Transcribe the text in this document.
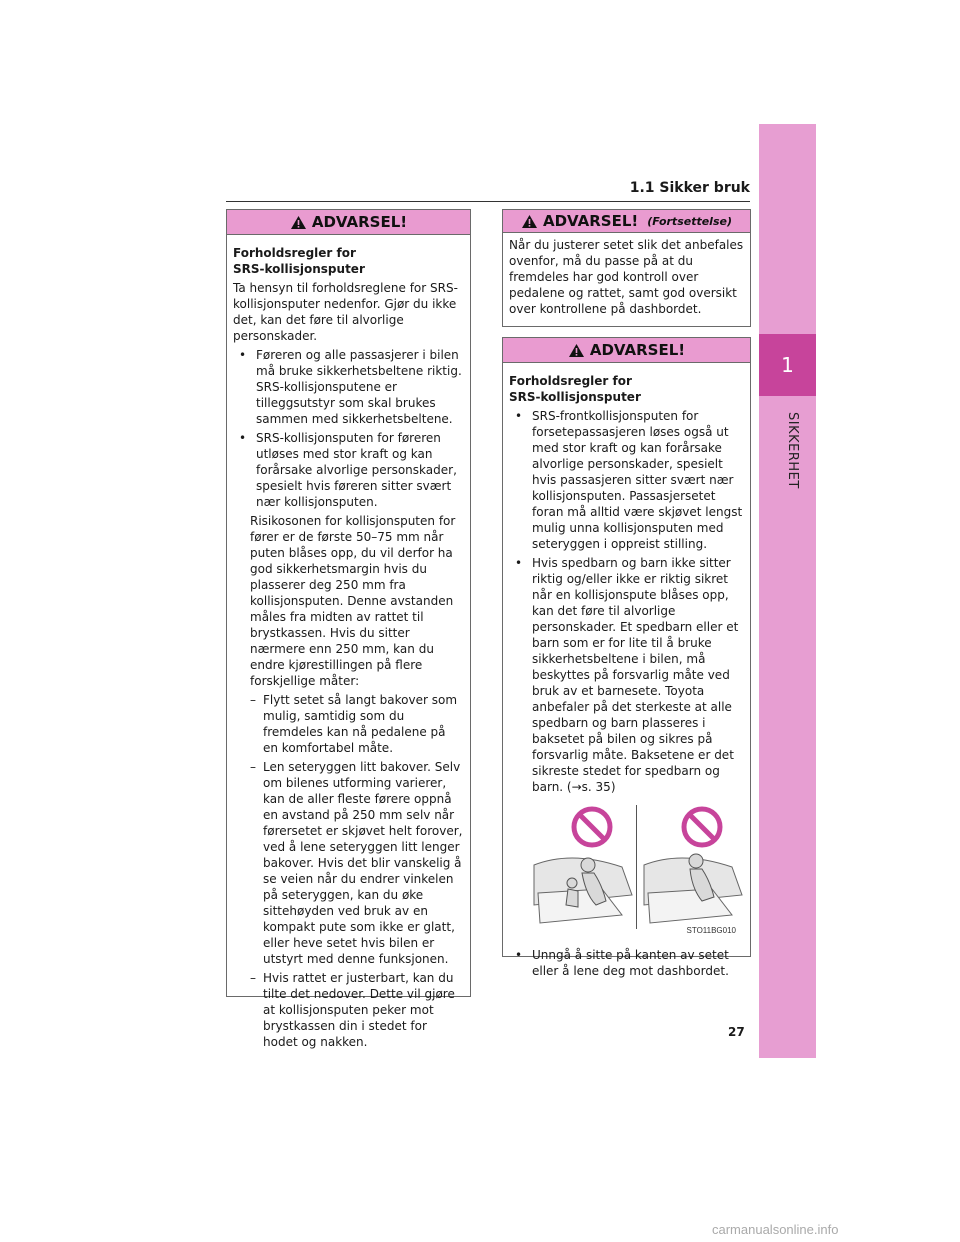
1
SIKKERHET
1.1 Sikker bruk
ADVARSEL!

Forholdsregler for SRS-kollisjonsputer

Ta hensyn til forholdsreglene for SRS-kollisjonsputer nedenfor. Gjør du ikke det, kan det føre til alvorlige personskader.

• Føreren og alle passasjerer i bilen må bruke sikkerhetsbeltene riktig. SRS-kollisjonsputene er tilleggsutstyr som skal brukes sammen med sikkerhetsbeltene.

• SRS-kollisjonsputen for føreren utløses med stor kraft og kan forårsake alvorlige personskader, spesielt hvis føreren sitter svært nær kollisjonsputen.

Risikosonen for kollisjonsputen for fører er de første 50–75 mm når puten blåses opp, du vil derfor ha god sikkerhetsmargin hvis du plasserer deg 250 mm fra kollisjonsputen. Denne avstanden måles fra midten av rattet til brystkassen. Hvis du sitter nærmere enn 250 mm, kan du endre kjørestillingen på flere forskjellige måter:

– Flytt setet så langt bakover som mulig, samtidig som du fremdeles kan nå pedalene på en komfortabel måte.

– Len seteryggen litt bakover. Selv om bilenes utforming varierer, kan de aller fleste førere oppnå en avstand på 250 mm selv når førersetet er skjøvet helt forover, ved å lene seteryggen litt lenger bakover. Hvis det blir vanskelig å se veien når du endrer vinkelen på seteryggen, kan du øke sittehøyden ved bruk av en kompakt pute som ikke er glatt, eller heve setet hvis bilen er utstyrt med denne funksjonen.

– Hvis rattet er justerbart, kan du tilte det nedover. Dette vil gjøre at kollisjonsputen peker mot brystkassen din i stedet for hodet og nakken.

ADVARSEL! (Fortsettelse)

Når du justerer setet slik det anbefales ovenfor, må du passe på at du fremdeles har god kontroll over pedalene og rattet, samt god oversikt over kontrollene på dashbordet.

ADVARSEL!

Forholdsregler for SRS-kollisjonsputer

• SRS-frontkollisjonsputen for forsetepassasjeren løses også ut med stor kraft og kan forårsake alvorlige personskader, spesielt hvis passasjeren sitter svært nær kollisjonsputen. Passasjersetet foran må alltid være skjøvet lengst mulig unna kollisjonsputen med seteryggen i oppreist stilling.

• Hvis spedbarn og barn ikke sitter riktig og/eller ikke er riktig sikret når en kollisjonspute blåses opp, kan det føre til alvorlige personskader. Et spedbarn eller et barn som er for lite til å bruke sikkerhetsbeltene i bilen, må beskyttes på forsvarlig måte ved bruk av et barnesete. Toyota anbefaler på det sterkeste at alle spedbarn og barn plasseres i baksetet på bilen og sikres på forsvarlig måte. Baksetene er det sikreste stedet for spedbarn og barn. (→s. 35)

STO11BG010

• Unngå å sitte på kanten av setet eller å lene deg mot dashbordet.

27
carmanualsonline.info
